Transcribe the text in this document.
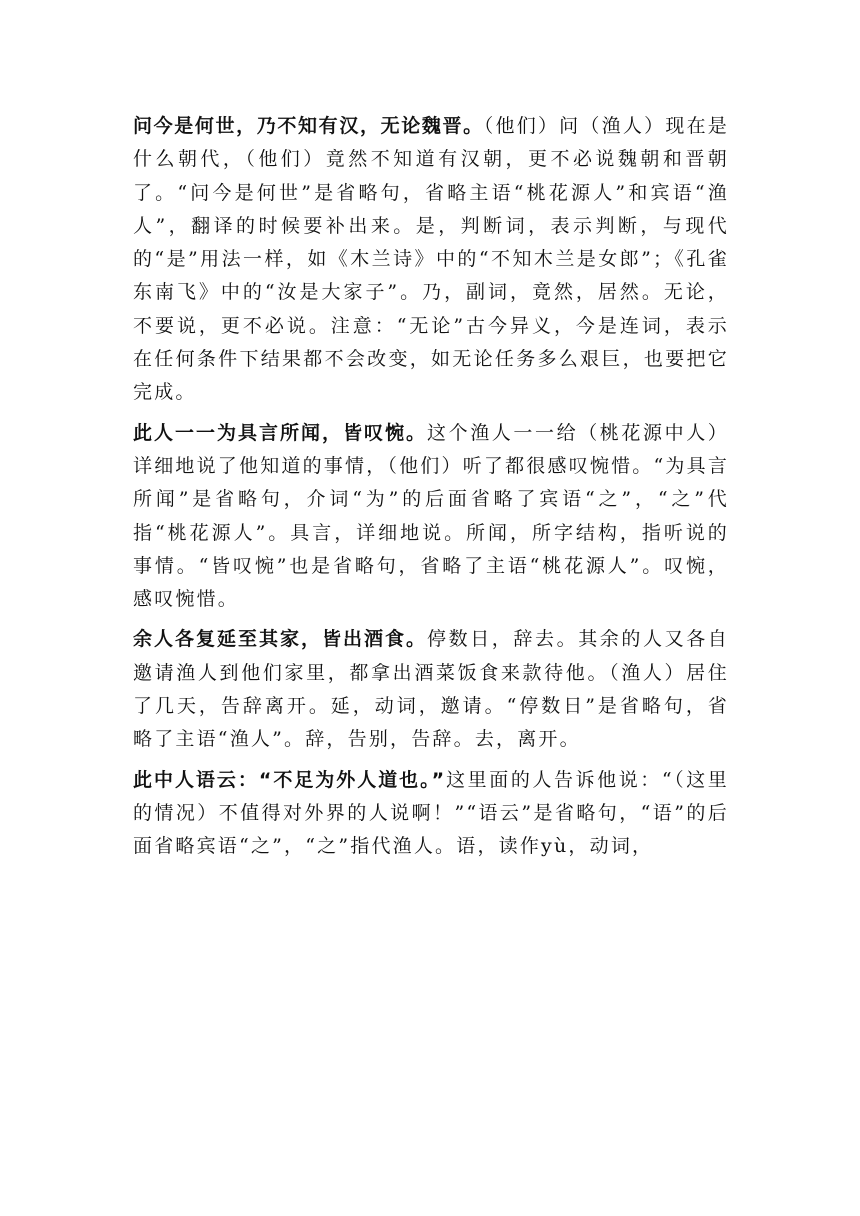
问今是何世，乃不知有汉，无论魏晋。（他们）问（渔人）现在是什么朝代，（他们）竟然不知道有汉朝，更不必说魏朝和晋朝了。“问今是何世”是省略句，省略主语“桃花源人”和宾语“渔人”，翻译的时候要补出来。是，判断词，表示判断，与现代的“是”用法一样，如《木兰诗》中的“不知木兰是女郎”；《孔雀东南飞》中的“汝是大家子”。乃，副词，竟然，居然。无论，不要说，更不必说。注意：“无论”古今异义，今是连词，表示在任何条件下结果都不会改变，如无论任务多么艰巨，也要把它完成。

此人一一为具言所闻，皆叹惋。这个渔人一一给（桃花源中人）详细地说了他知道的事情，（他们）听了都很感叹惋惜。“为具言所闻”是省略句，介词“为”的后面省略了宾语“之”，“之”代指“桃花源人”。具言，详细地说。所闻，所字结构，指听说的事情。“皆叹惋”也是省略句，省略了主语“桃花源人”。叹惋，感叹惋惜。

余人各复延至其家，皆出酒食。停数日，辞去。其余的人又各自邀请渔人到他们家里，都拿出酒菜饭食来款待他。（渔人）居住了几天，告辞离开。延，动词，邀请。“停数日”是省略句，省略了主语“渔人”。辞，告别，告辞。去，离开。

此中人语云：“不足为外人道也。”这里面的人告诉他说：“（这里的情况）不值得对外界的人说啊！”“语云”是省略句，“语”的后面省略宾语“之”，“之”指代渔人。语，读作yù，动词，
